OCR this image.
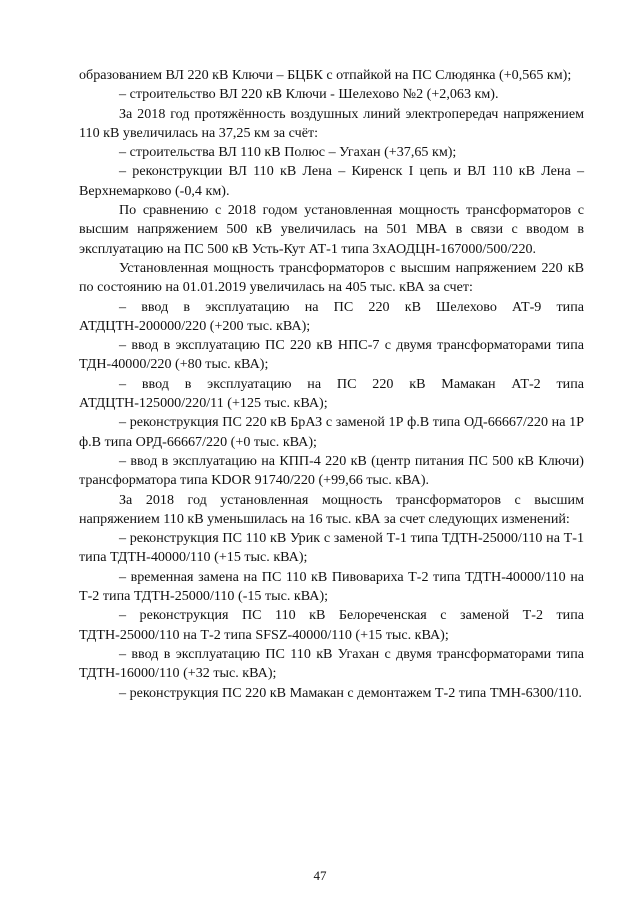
образованием ВЛ 220 кВ Ключи – БЦБК с отпайкой на ПС Слюдянка (+0,565 км);

– строительство ВЛ 220 кВ Ключи - Шелехово №2 (+2,063 км).

За 2018 год протяжённость воздушных линий электропередач напряжением 110 кВ увеличилась на 37,25 км за счёт:

– строительства ВЛ 110 кВ Полюс – Угахан (+37,65 км);

– реконструкции ВЛ 110 кВ Лена – Киренск I цепь и ВЛ 110 кВ Лена – Верхнемарково (-0,4 км).

По сравнению с 2018 годом установленная мощность трансформаторов с высшим напряжением 500 кВ увеличилась на 501 МВА в связи с вводом в эксплуатацию на ПС 500 кВ Усть-Кут АТ-1 типа 3хАОДЦН-167000/500/220.

Установленная мощность трансформаторов с высшим напряжением 220 кВ по состоянию на 01.01.2019 увеличилась на 405 тыс. кВА за счет:

– ввод в эксплуатацию на ПС 220 кВ Шелехово АТ-9 типа АТДЦТН-200000/220 (+200 тыс. кВА);

– ввод в эксплуатацию ПС 220 кВ НПС-7 с двумя трансформаторами типа ТДН-40000/220 (+80 тыс. кВА);

– ввод в эксплуатацию на ПС 220 кВ Мамакан АТ-2 типа АТДЦТН-125000/220/11 (+125 тыс. кВА);

– реконструкция ПС 220 кВ БрАЗ с заменой 1Р ф.В типа ОД-66667/220 на 1Р ф.В типа ОРД-66667/220 (+0 тыс. кВА);

– ввод в эксплуатацию на КПП-4 220 кВ (центр питания ПС 500 кВ Ключи) трансформатора типа KDOR 91740/220 (+99,66 тыс. кВА).

За 2018 год установленная мощность трансформаторов с высшим напряжением 110 кВ уменьшилась на 16 тыс. кВА за счет следующих изменений:

– реконструкция ПС 110 кВ Урик с заменой Т-1 типа ТДТН-25000/110 на Т-1 типа ТДТН-40000/110 (+15 тыс. кВА);

– временная замена на ПС 110 кВ Пивовариха Т-2 типа ТДТН-40000/110 на Т-2 типа ТДТН-25000/110 (-15 тыс. кВА);

– реконструкция ПС 110 кВ Белореченская с заменой Т-2 типа ТДТН-25000/110 на Т-2 типа SFSZ-40000/110 (+15 тыс. кВА);

– ввод в эксплуатацию ПС 110 кВ Угахан с двумя трансформаторами типа ТДТН-16000/110 (+32 тыс. кВА);

– реконструкция ПС 220 кВ Мамакан с демонтажем Т-2 типа ТМН-6300/110.

47
